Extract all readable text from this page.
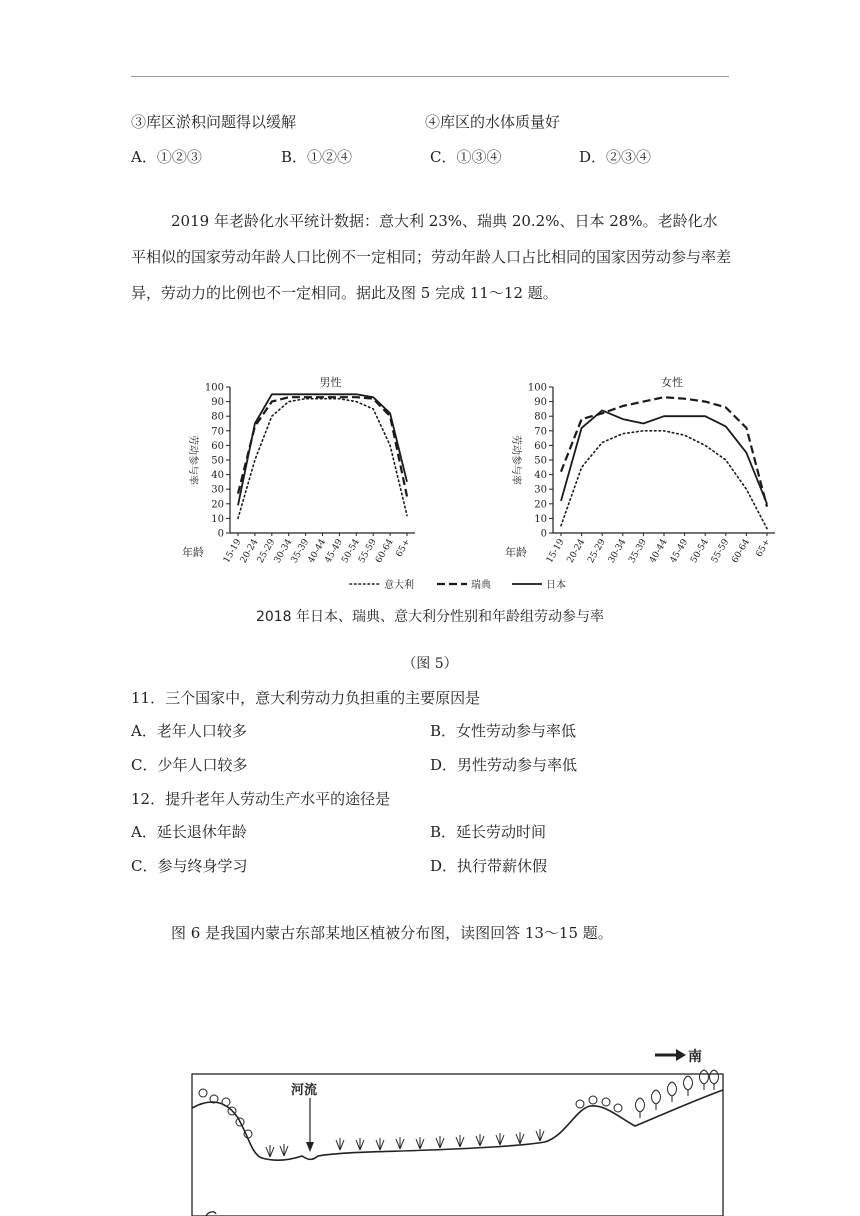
③库区淤积问题得以缓解	④库区的水体质量好
A．①②③	B．①②④	C．①③④	D．②③④
2019 年老龄化水平统计数据：意大利 23%、瑞典 20.2%、日本 28%。老龄化水平相似的国家劳动年龄人口比例不一定相同；劳动年龄人口占比相同的国家因劳动参与率差异，劳动力的比例也不一定相同。据此及图 5 完成 11～12 题。
0
10
20
30
40
50
60
70
80
90
100
15-19
20-24
25-29
30-34
35-39
40-44
45-49
50-54
55-59
60-64
65+
年龄
劳动参与率
男性
0
10
20
30
40
50
60
70
80
90
100
15-19
20-24
25-29
30-34
35-39
40-44
45-49
50-54
55-59
60-64 65+
年龄
劳动参与率
女性
意大利	瑞典	日本
2018 年日本、瑞典、意大利分性别和年龄组劳动参与率
（图 5）
11．三个国家中，意大利劳动力负担重的主要原因是
A．老年人口较多	B．女性劳动参与率低
C．少年人口较多	D．男性劳动参与率低
12．提升老年人劳动生产水平的途径是
A．延长退休年龄	B．延长劳动时间
C．参与终身学习	D．执行带薪休假
图 6 是我国内蒙古东部某地区植被分布图，读图回答 13～15 题。
河流
南
